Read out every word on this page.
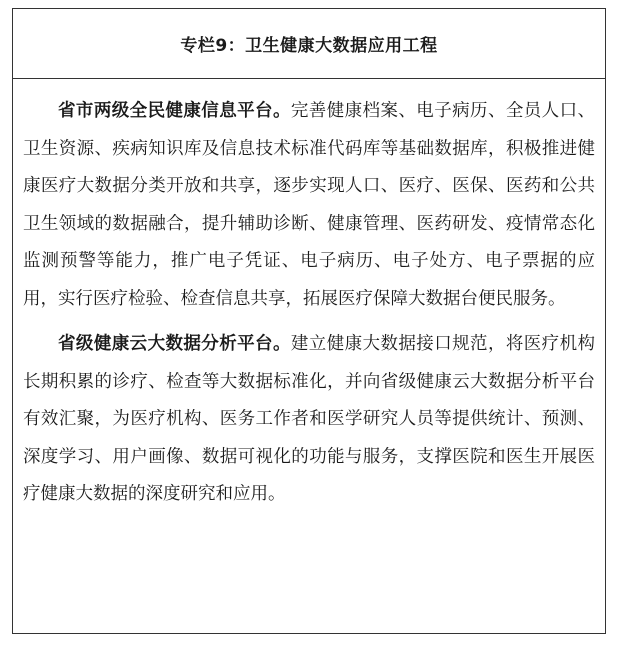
专栏9：卫生健康大数据应用工程

省市两级全民健康信息平台。完善健康档案、电子病历、全员人口、卫生资源、疾病知识库及信息技术标准代码库等基础数据库，积极推进健康医疗大数据分类开放和共享，逐步实现人口、医疗、医保、医药和公共卫生领域的数据融合，提升辅助诊断、健康管理、医药研发、疫情常态化监测预警等能力，推广电子凭证、电子病历、电子处方、电子票据的应用，实行医疗检验、检查信息共享，拓展医疗保障大数据台便民服务。

省级健康云大数据分析平台。建立健康大数据接口规范，将医疗机构长期积累的诊疗、检查等大数据标准化，并向省级健康云大数据分析平台有效汇聚，为医疗机构、医务工作者和医学研究人员等提供统计、预测、深度学习、用户画像、数据可视化的功能与服务，支撑医院和医生开展医疗健康大数据的深度研究和应用。
